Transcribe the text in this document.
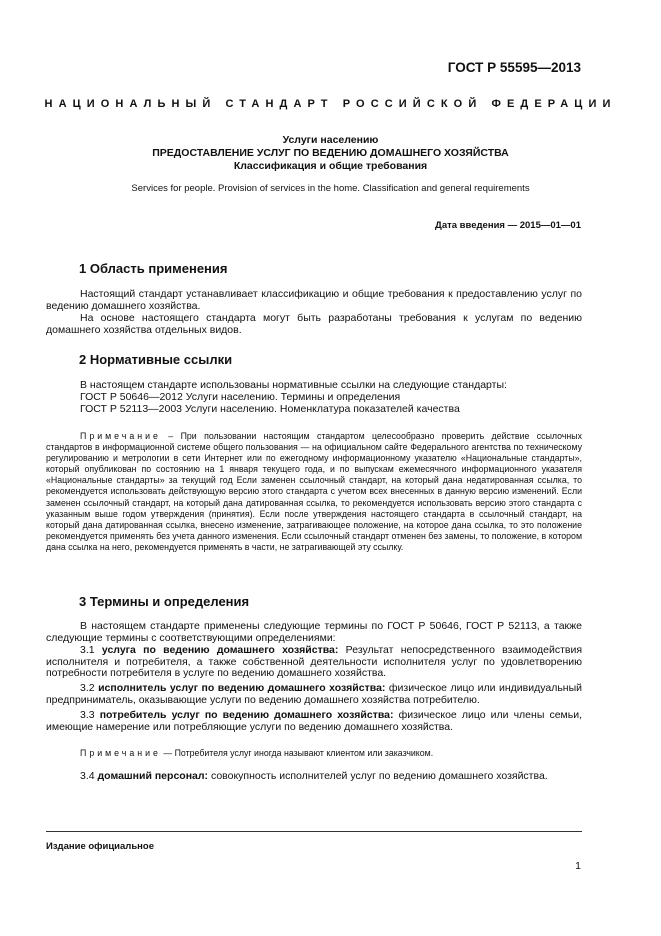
ГОСТ Р 55595—2013
НАЦИОНАЛЬНЫЙ СТАНДАРТ РОССИЙСКОЙ ФЕДЕРАЦИИ
Услуги населению
ПРЕДОСТАВЛЕНИЕ УСЛУГ ПО ВЕДЕНИЮ ДОМАШНЕГО ХОЗЯЙСТВА
Классификация и общие требования
Services for people. Provision of services in the home. Classification and general requirements
Дата введения — 2015—01—01
1 Область применения

Настоящий стандарт устанавливает классификацию и общие требования к предоставлению услуг по ведению домашнего хозяйства.

На основе настоящего стандарта могут быть разработаны требования к услугам по ведению домашнего хозяйства отдельных видов.

2 Нормативные ссылки

В настоящем стандарте использованы нормативные ссылки на следующие стандарты:

ГОСТ Р 50646—2012 Услуги населению. Термины и определения

ГОСТ Р 52113—2003 Услуги населению. Номенклатура показателей качества

Примечание – При пользовании настоящим стандартом целесообразно проверить действие ссылочных стандартов в информационной системе общего пользования — на официальном сайте Федерального агентства по техническому регулированию и метрологии в сети Интернет или по ежегодному информационному указателю «Национальные стандарты», который опубликован по состоянию на 1 января текущего года, и по выпускам ежемесячного информационного указателя «Национальные стандарты» за текущий год Если заменен ссылочный стандарт, на который дана недатированная ссылка, то рекомендуется использовать действующую версию этого стандарта с учетом всех внесенных в данную версию изменений. Если заменен ссылочный стандарт, на который дана датированная ссылка, то рекомендуется использовать версию этого стандарта с указанным выше годом утверждения (принятия). Если после утверждения настоящего стандарта в ссылочный стандарт, на который дана датированная ссылка, внесено изменение, затрагивающее положение, на которое дана ссылка, то это положение рекомендуется применять без учета данного изменения. Если ссылочный стандарт отменен без замены, то положение, в котором дана ссылка на него, рекомендуется применять в части, не затрагивающей эту ссылку.

3 Термины и определения

В настоящем стандарте применены следующие термины по ГОСТ Р 50646, ГОСТ Р 52113, а также следующие термины с соответствующими определениями:

3.1 услуга по ведению домашнего хозяйства: Результат непосредственного взаимодействия исполнителя и потребителя, а также собственной деятельности исполнителя услуг по удовлетворению потребности потребителя в услуге по ведению домашнего хозяйства.

3.2 исполнитель услуг по ведению домашнего хозяйства: физическое лицо или индивидуальный предприниматель, оказывающие услуги по ведению домашнего хозяйства потребителю.

3.3 потребитель услуг по ведению домашнего хозяйства: физическое лицо или члены семьи, имеющие намерение или потребляющие услуги по ведению домашнего хозяйства.

Примечание — Потребителя услуг иногда называют клиентом или заказчиком.

3.4 домашний персонал: совокупность исполнителей услуг по ведению домашнего хозяйства.

Издание официальное
1
